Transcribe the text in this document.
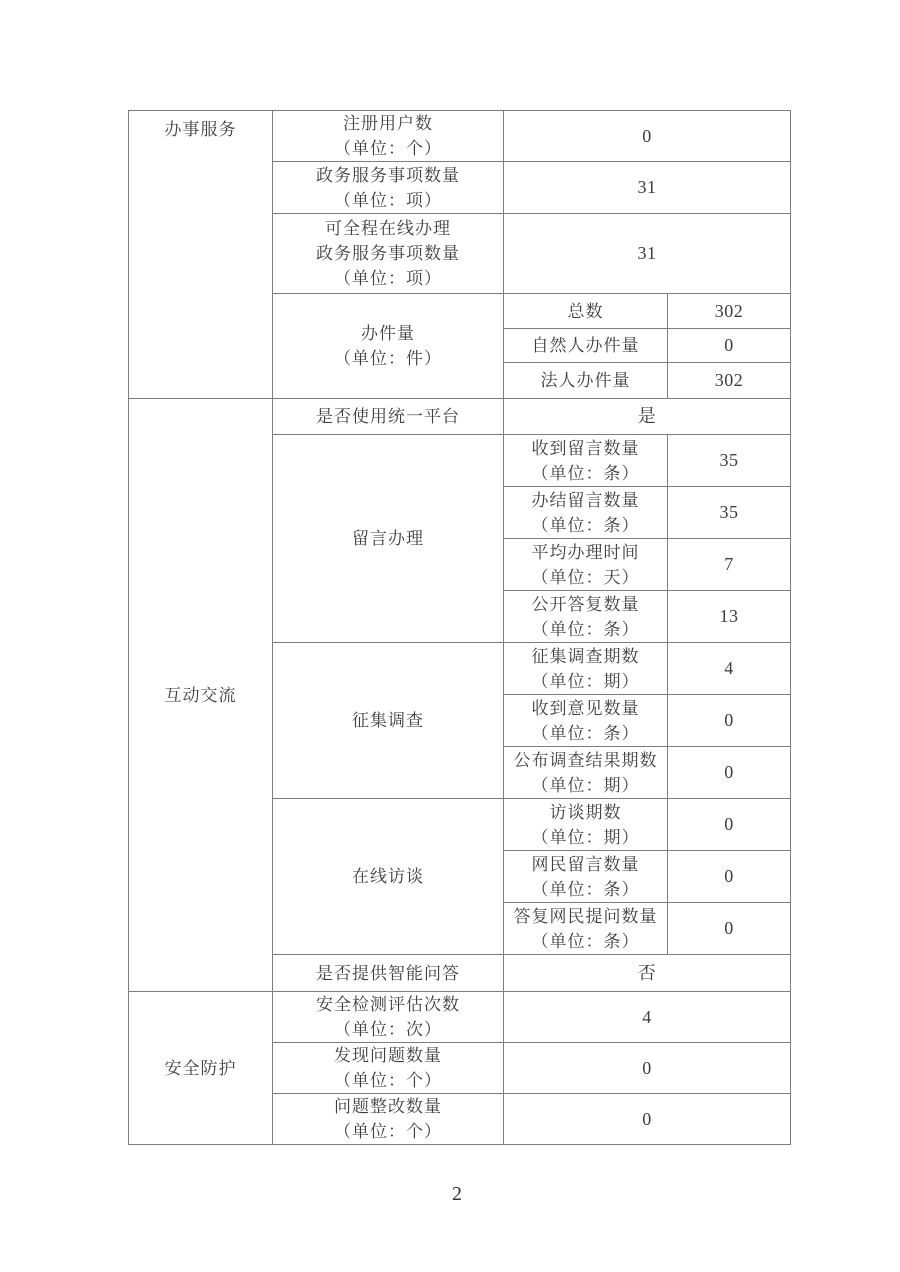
办事服务	注册用户数
（单位：个）	0	

	政务服务事项数量
（单位：项）	31	

	可全程在线办理
政务服务事项数量
（单位：项）	31	

	办件量
（单位：件）	总数	302
		自然人办件量	0
		法人办件量	302
互动交流	是否使用统一平台	是	

	留言办理	收到留言数量
（单位：条）	35

		办结留言数量
（单位：条）	35

		平均办理时间
（单位：天）	7

		公开答复数量
（单位：条）	13

	征集调查	征集调查期数
（单位：期）	4

		收到意见数量
（单位：条）	0

		公布调查结果期数
（单位：期）	0

	在线访谈	访谈期数
（单位：期）	0

		网民留言数量
（单位：条）	0

		答复网民提问数量
（单位：条）	0

	是否提供智能问答	否	
安全防护	安全检测评估次数
（单位：次）	4	

	发现问题数量
（单位：个）	0	

	问题整改数量
（单位：个）	0	
2
